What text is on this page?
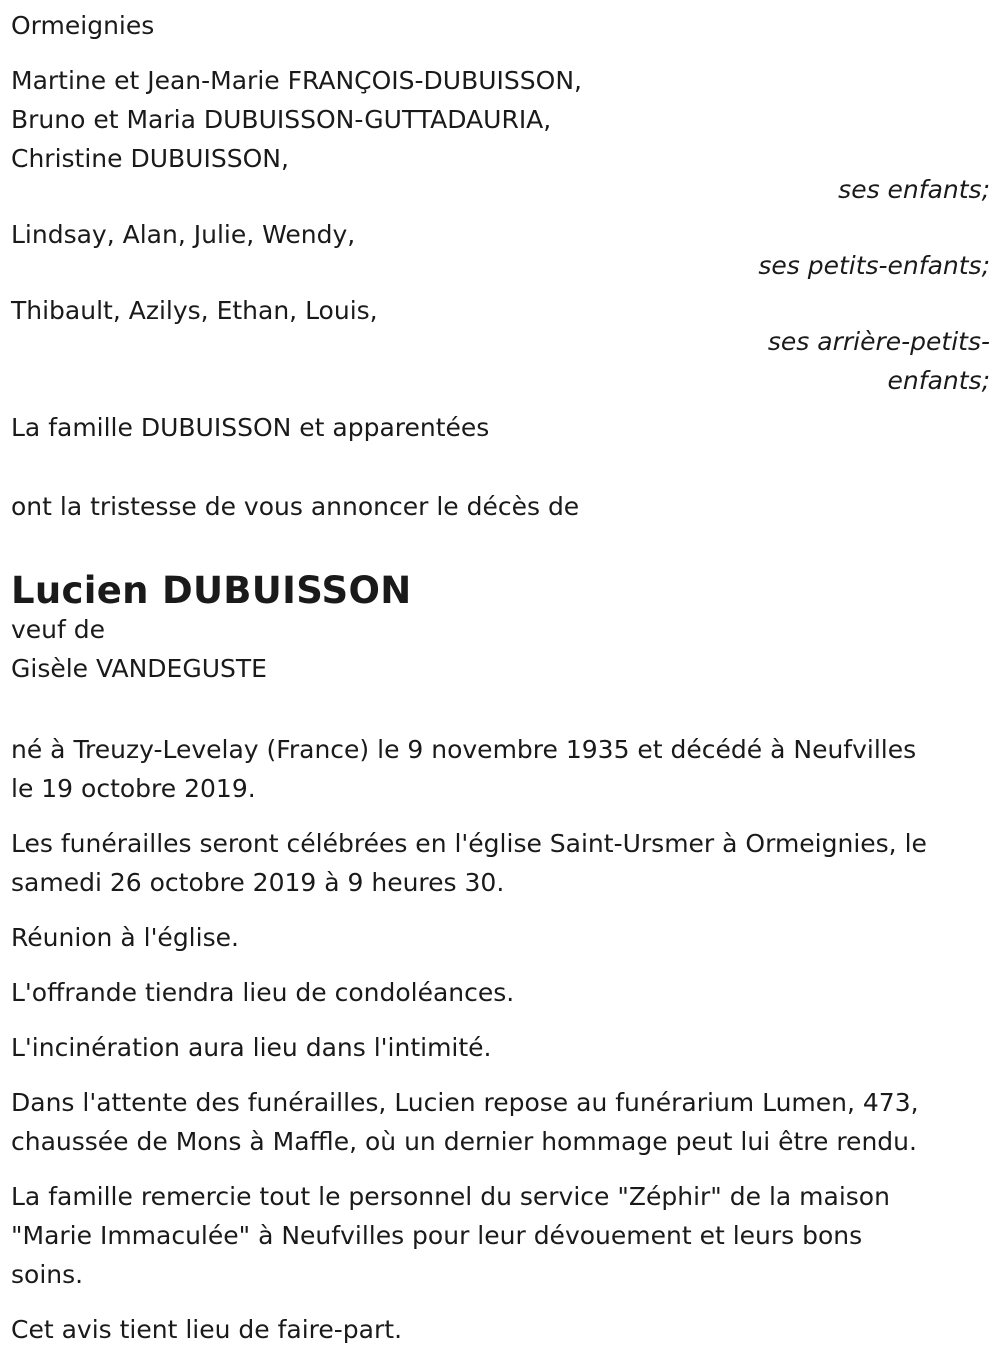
Ormeignies

Martine et Jean-Marie FRANÇOIS-DUBUISSON,

Bruno et Maria DUBUISSON-GUTTADAURIA,

Christine DUBUISSON,

ses enfants;

Lindsay, Alan, Julie, Wendy,

ses petits-enfants;

Thibault, Azilys, Ethan, Louis,

ses arrière-petits-

enfants;

La famille DUBUISSON et apparentées

ont la tristesse de vous annoncer le décès de

Lucien DUBUISSON

veuf de

Gisèle VANDEGUSTE

né à Treuzy-Levelay (France) le 9 novembre 1935 et décédé à Neufvilles

le 19 octobre 2019.

Les funérailles seront célébrées en l'église Saint-Ursmer à Ormeignies, le

samedi 26 octobre 2019 à 9 heures 30.

Réunion à l'église.

L'offrande tiendra lieu de condoléances.

L'incinération aura lieu dans l'intimité.

Dans l'attente des funérailles, Lucien repose au funérarium Lumen, 473,

chaussée de Mons à Maffle, où un dernier hommage peut lui être rendu.

La famille remercie tout le personnel du service "Zéphir" de la maison

"Marie Immaculée" à Neufvilles pour leur dévouement et leurs bons

soins.

Cet avis tient lieu de faire-part.
